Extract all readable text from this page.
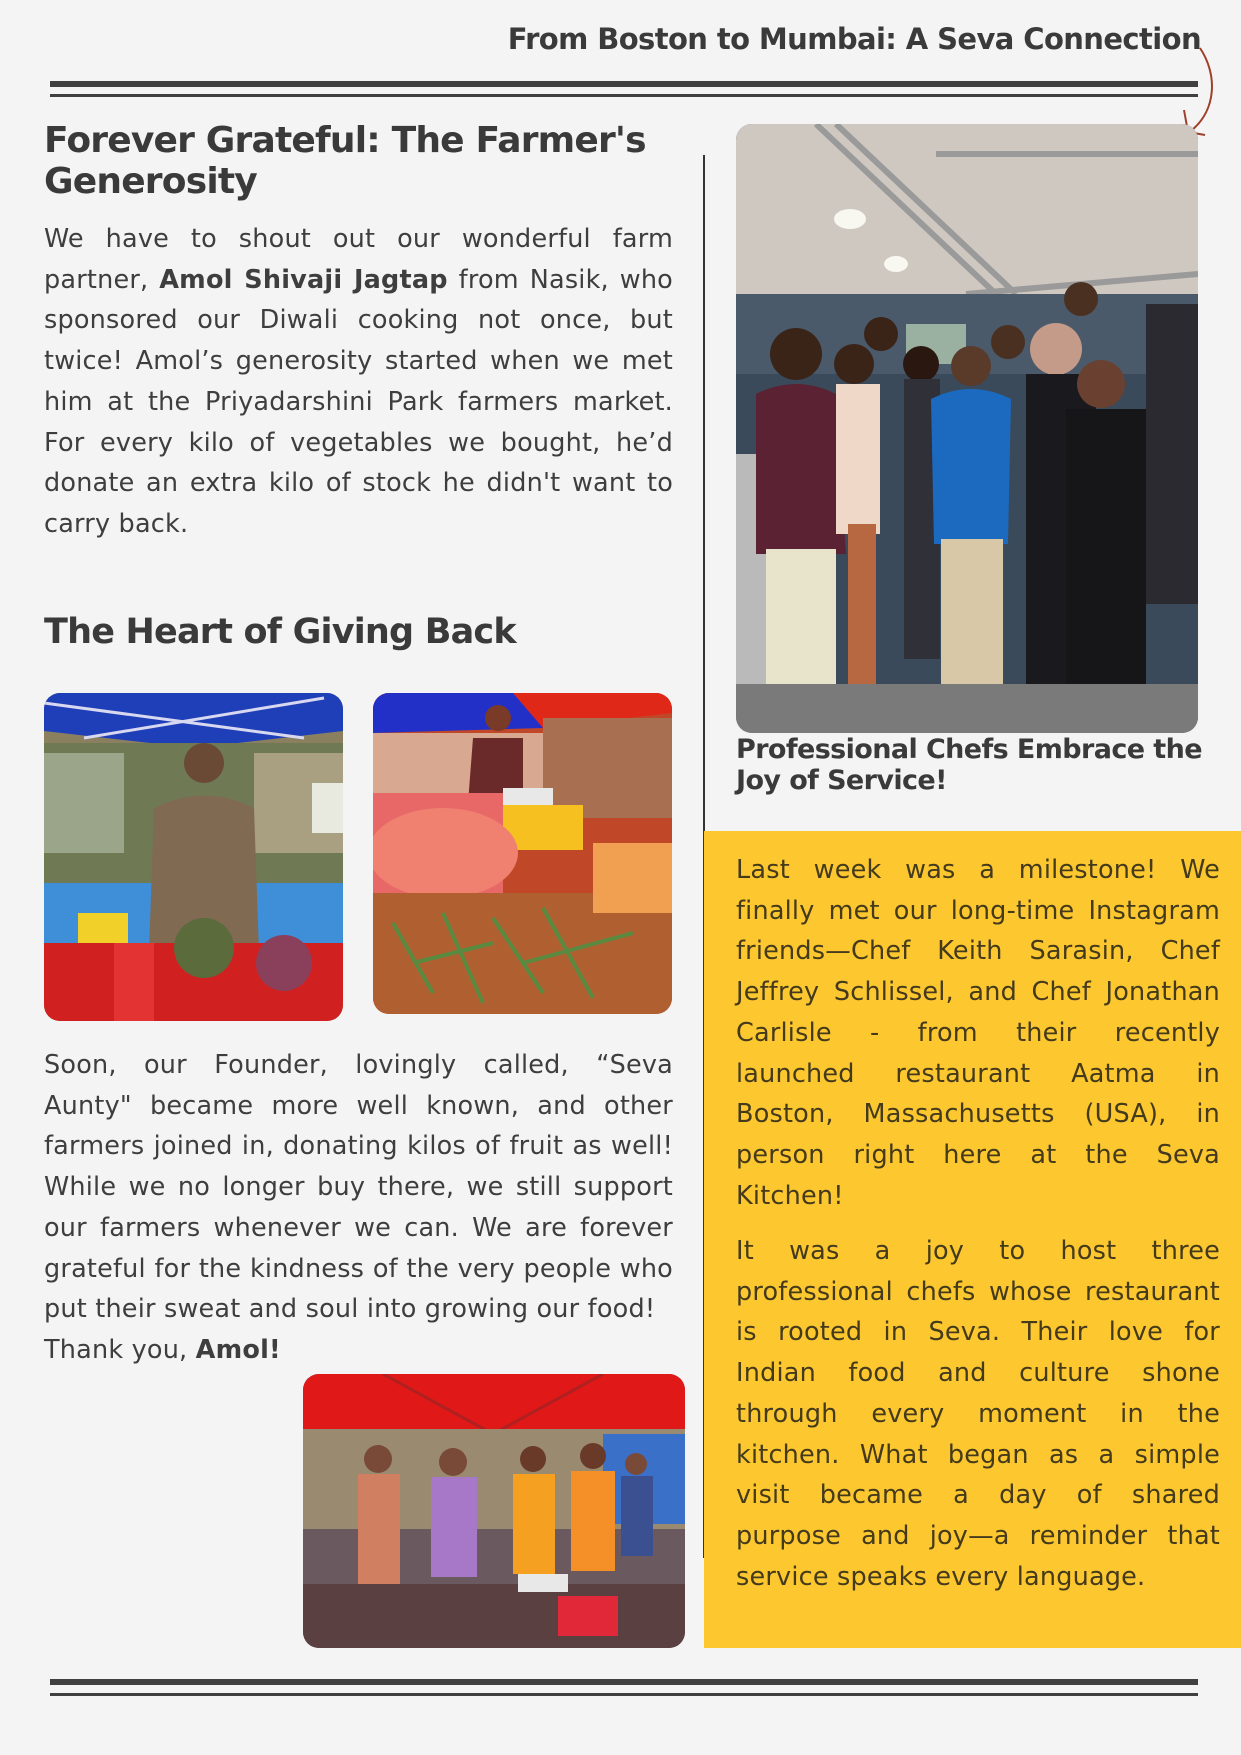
From Boston to Mumbai: A Seva Connection
Forever Grateful: The Farmer's Generosity
We have to shout out our wonderful farm partner, Amol Shivaji Jagtap from Nasik, who sponsored our Diwali cooking not once, but twice! Amol’s generosity started when we met him at the Priyadarshini Park farmers market. For every kilo of vegetables we bought, he’d donate an extra kilo of stock he didn't want to carry back.
The Heart of Giving Back
Soon, our Founder, lovingly called, “Seva Aunty" became more well known, and other farmers joined in, donating kilos of fruit as well! While we no longer buy there, we still support our farmers whenever we can. We are forever grateful for the kindness of the very people who put their sweat and soul into growing our food!
Thank you, Amol!
Professional Chefs Embrace the Joy of Service!
Last week was a milestone! We finally met our long-time Instagram friends—Chef Keith Sarasin, Chef Jeffrey Schlissel, and Chef Jonathan Carlisle - from their recently launched restaurant Aatma in Boston, Massachusetts (USA), in person right here at the Seva Kitchen!
It was a joy to host three professional chefs whose restaurant is rooted in Seva. Their love for Indian food and culture shone through every moment in the kitchen. What began as a simple visit became a day of shared purpose and joy—a reminder that service speaks every language.
